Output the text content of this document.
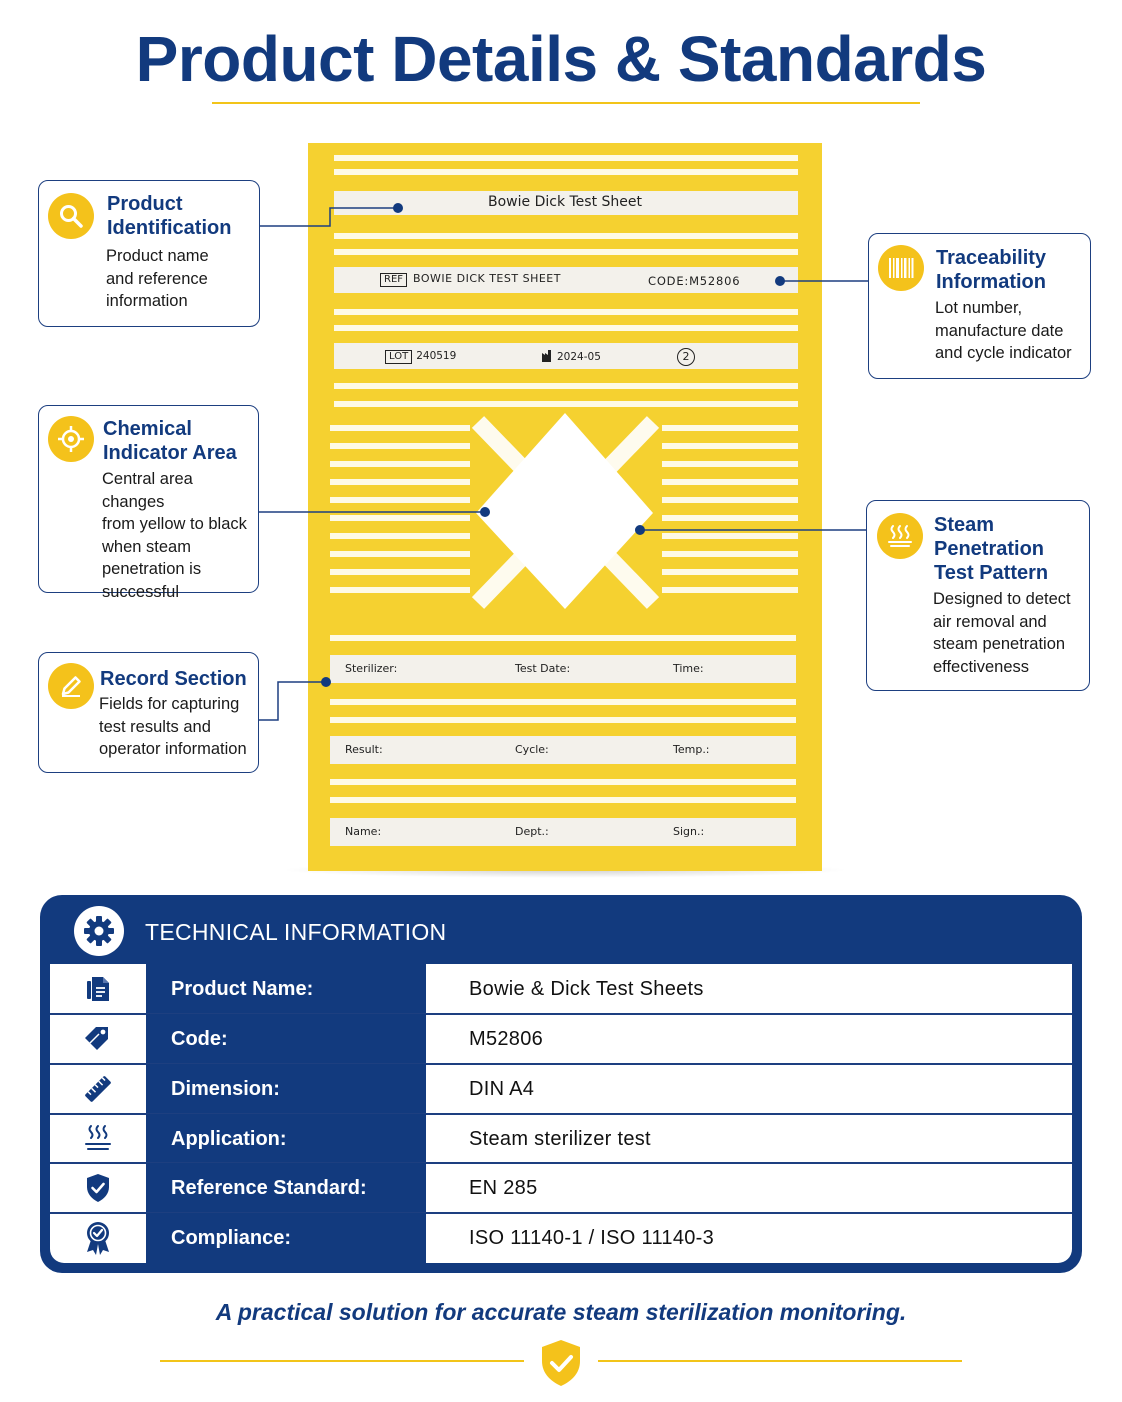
Product Details & Standards
Bowie Dick Test Sheet
REF BOWIE DICK TEST SHEET	CODE:M52806
LOT 240519	2024-05	2
Sterilizer:	Test Date:	Time:
Result:	Cycle:	Temp.:
Name:	Dept.:	Sign.:
Product
Identification
Product name
and reference
information
Chemical
Indicator Area
Central area changes
from yellow to black
when steam
penetration is
successful
Record Section
Fields for capturing
test results and
operator information
Traceability
Information
Lot number,
manufacture date
and cycle indicator
Steam
Penetration
Test Pattern
Designed to detect
air removal and
steam penetration
effectiveness
TECHNICAL INFORMATION
Product Name:	Bowie & Dick Test Sheets
Code:	M52806
Dimension:	DIN A4
Application:	Steam sterilizer test
Reference Standard:	EN 285
Compliance:	ISO 11140-1 / ISO 11140-3
A practical solution for accurate steam sterilization monitoring.
